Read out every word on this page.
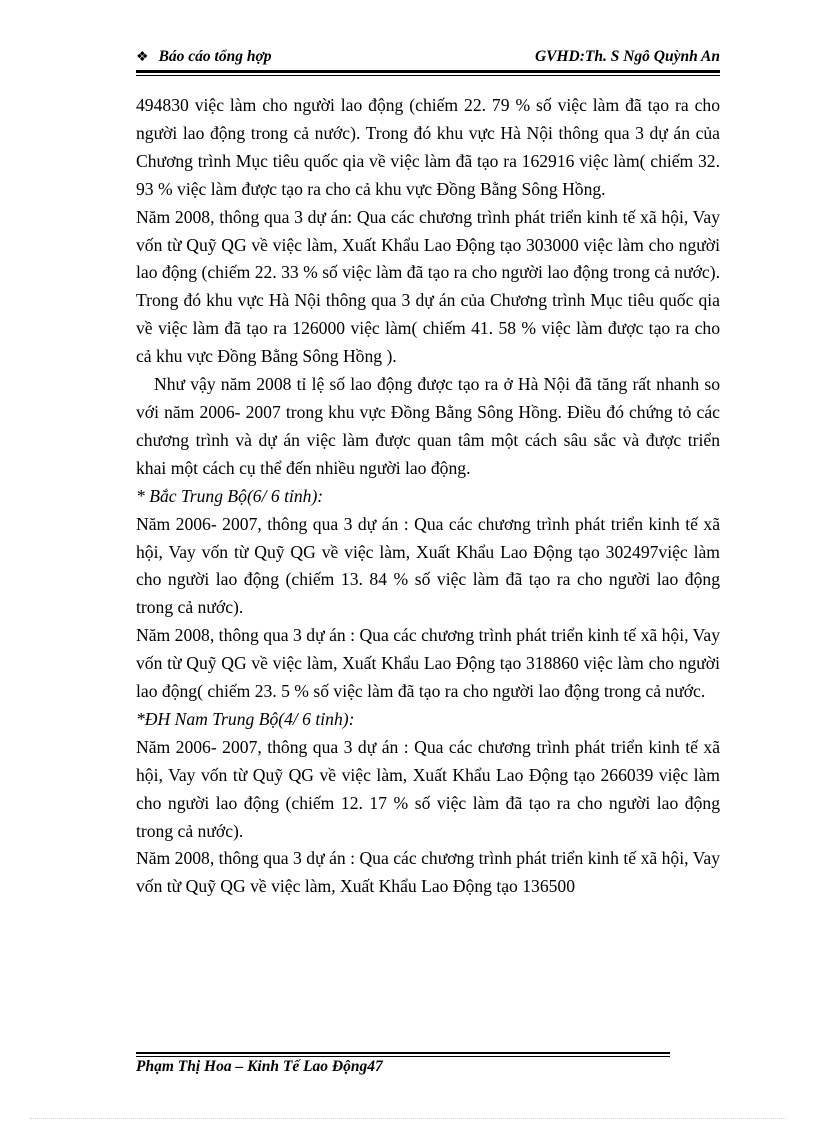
❖ Báo cáo tổng hợp	GVHD:Th. S Ngô Quỳnh An

494830 việc làm cho người lao động (chiếm 22. 79 % số việc làm đã tạo ra cho người lao động trong cả nước). Trong đó khu vực Hà Nội thông qua 3 dự án của Chương trình Mục tiêu quốc qia về việc làm đã tạo ra 162916 việc làm( chiếm 32. 93 % việc làm được tạo ra cho cả khu vực Đồng Bằng Sông Hồng.

Năm 2008, thông qua 3 dự án: Qua các chương trình phát triển kinh tế xã hội, Vay vốn từ Quỹ QG về việc làm, Xuất Khẩu Lao Động tạo 303000 việc làm cho người lao động (chiếm 22. 33 % số việc làm đã tạo ra cho người lao động trong cả nước). Trong đó khu vực Hà Nội thông qua 3 dự án của Chương trình Mục tiêu quốc qia về việc làm đã tạo ra 126000 việc làm( chiếm 41. 58 % việc làm được tạo ra cho cả khu vực Đồng Bằng Sông Hồng ).

Như vậy năm 2008 tỉ lệ số lao động được tạo ra ở Hà Nội đã tăng rất nhanh so với năm 2006- 2007 trong khu vực Đồng Bằng Sông Hồng. Điều đó chứng tỏ các chương trình và dự án việc làm được quan tâm một cách sâu sắc và được triển khai một cách cụ thể đến nhiều người lao động.

* Bắc Trung Bộ(6/ 6 tỉnh):

Năm 2006- 2007, thông qua 3 dự án : Qua các chương trình phát triển kinh tế xã hội, Vay vốn từ Quỹ QG về việc làm, Xuất Khẩu Lao Động tạo 302497việc làm cho người lao động (chiếm 13. 84 % số việc làm đã tạo ra cho người lao động trong cả nước).

Năm 2008, thông qua 3 dự án : Qua các chương trình phát triển kinh tế xã hội, Vay vốn từ Quỹ QG về việc làm, Xuất Khẩu Lao Động tạo 318860 việc làm cho người lao động( chiếm 23. 5 % số việc làm đã tạo ra cho người lao động trong cả nước.

*ĐH Nam Trung Bộ(4/ 6 tỉnh):

Năm 2006- 2007, thông qua 3 dự án : Qua các chương trình phát triển kinh tế xã hội, Vay vốn từ Quỹ QG về việc làm, Xuất Khẩu Lao Động tạo 266039 việc làm cho người lao động (chiếm 12. 17 % số việc làm đã tạo ra cho người lao động trong cả nước).

Năm 2008, thông qua 3 dự án : Qua các chương trình phát triển kinh tế xã hội, Vay vốn từ Quỹ QG về việc làm, Xuất Khẩu Lao Động tạo 136500

Phạm Thị Hoa – Kinh Tế Lao Động47
